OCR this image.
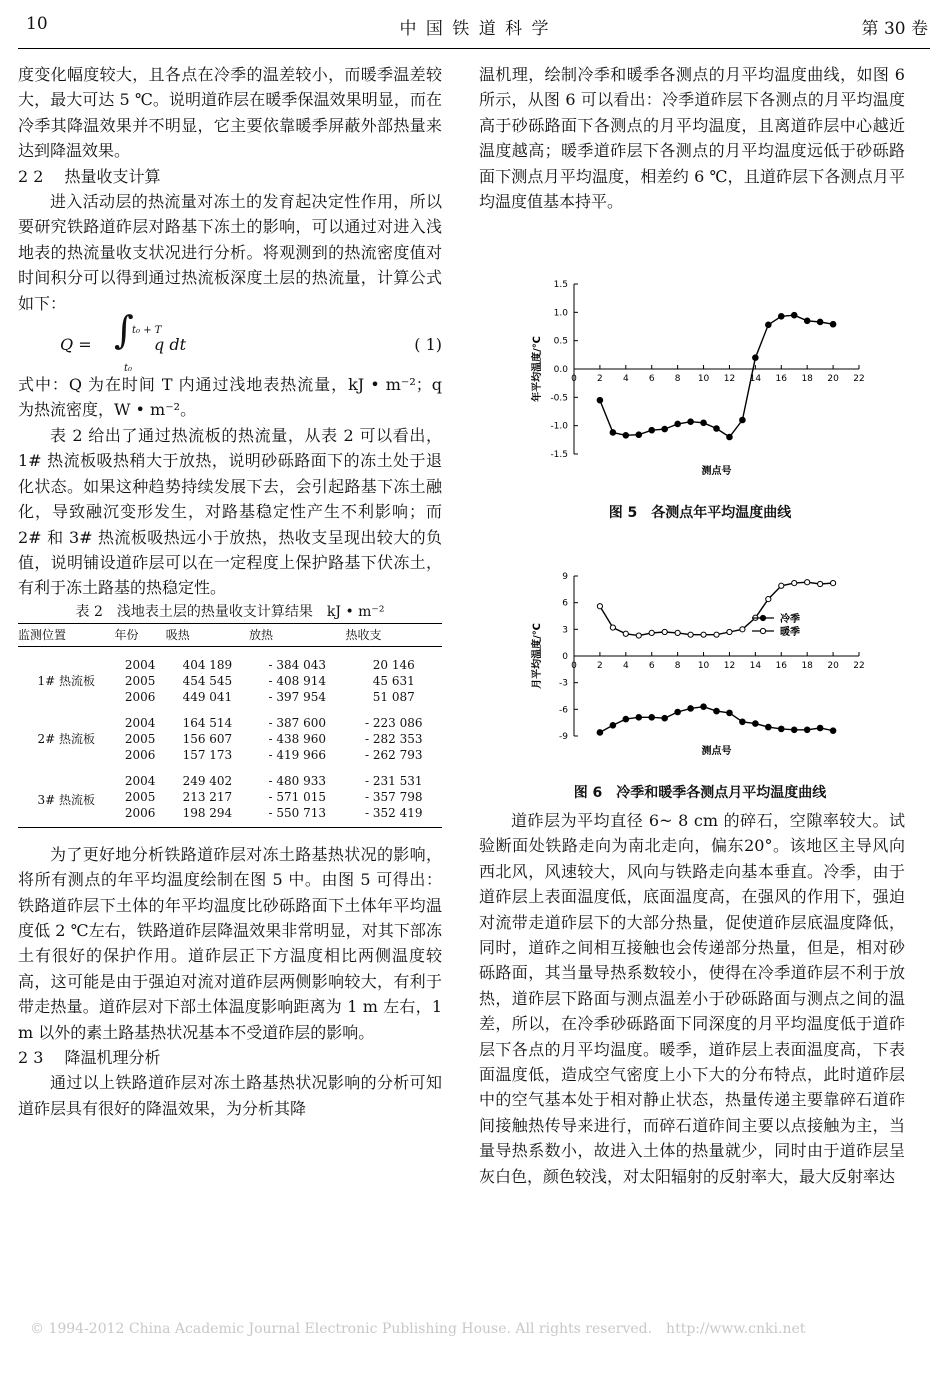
10	中 国 铁 道 科 学	第 30 卷

度变化幅度较大，且各点在冷季的温差较小，而暖季温差较大，最大可达 5 ℃。说明道砟层在暖季保温效果明显，而在冷季其降温效果并不明显，它主要依靠暖季屏蔽外部热量来达到降温效果。

2 2 　热量收支计算

进入活动层的热流量对冻土的发育起决定性作用，所以要研究铁路道砟层对路基下冻土的影响，可以通过对进入浅地表的热流量收支状况进行分析。将观测到的热流密度值对时间积分可以得到通过热流板深度土层的热流量，计算公式如下：

Q = ∫
t₀ + T
t₀
q dt	( 1)

式中：Q 为在时间 T 内通过浅地表热流量，kJ • m⁻²；q 为热流密度，W • m⁻²。

表 2 给出了通过热流板的热流量，从表 2 可以看出，1# 热流板吸热稍大于放热，说明砂砾路面下的冻土处于退化状态。如果这种趋势持续发展下去，会引起路基下冻土融化，导致融沉变形发生，对路基稳定性产生不利影响；而 2# 和 3# 热流板吸热远小于放热，热收支呈现出较大的负值，说明铺设道砟层可以在一定程度上保护路基下伏冻土，有利于冻土路基的热稳定性。

表 2　浅地表土层的热量收支计算结果　kJ • m⁻²

监测位置	年份	吸热	放热	热收支
1# 热流板	2004	404 189	- 384 043	20 146
	2005	454 545	- 408 914	45 631
	2006	449 041	- 397 954	51 087
2# 热流板	2004	164 514	- 387 600	- 223 086
	2005	156 607	- 438 960	- 282 353
	2006	157 173	- 419 966	- 262 793
3# 热流板	2004	249 402	- 480 933	- 231 531
	2005	213 217	- 571 015	- 357 798
	2006	198 294	- 550 713	- 352 419

为了更好地分析铁路道砟层对冻土路基热状况的影响，将所有测点的年平均温度绘制在图 5 中。由图 5 可得出：铁路道砟层下土体的年平均温度比砂砾路面下土体年平均温度低 2 ℃左右，铁路道砟层降温效果非常明显，对其下部冻土有很好的保护作用。道砟层正下方温度相比两侧温度较高，这可能是由于强迫对流对道砟层两侧影响较大，有利于带走热量。道砟层对下部土体温度影响距离为 1 m 左右，1 m 以外的素土路基热状况基本不受道砟层的影响。

2 3 　降温机理分析

通过以上铁路道砟层对冻土路基热状况影响的分析可知道砟层具有很好的降温效果，为分析其降

温机理，绘制冷季和暖季各测点的月平均温度曲线，如图 6 所示，从图 6 可以看出：冷季道砟层下各测点的月平均温度高于砂砾路面下各测点的月平均温度，且离道砟层中心越近温度越高；暖季道砟层下各测点的月平均温度远低于砂砾路面下测点月平均温度，相差约 6 ℃，且道砟层下各测点月平均温度值基本持平。

-1.5
-1.0
-0.5
0.0
0.5
1.0
1.5
0 2 4 6 8 10 12 14 16 18 20 22
年平均温度/℃
测点号
图 5　各测点年平均温度曲线
-9
-6
-3
0
3
6
9
0 2 4 6 8 10 12 14 16 18 20 22
月平均温度/℃
测点号
冷季
暖季
图 6　冷季和暖季各测点月平均温度曲线

道砟层为平均直径 6~ 8 cm 的碎石，空隙率较大。试验断面处铁路走向为南北走向，偏东20°。该地区主导风向西北风，风速较大，风向与铁路走向基本垂直。冷季，由于道砟层上表面温度低，底面温度高，在强风的作用下，强迫对流带走道砟层下的大部分热量，促使道砟层底温度降低，同时，道砟之间相互接触也会传递部分热量，但是，相对砂砾路面，其当量导热系数较小，使得在冷季道砟层不利于放热，道砟层下路面与测点温差小于砂砾路面与测点之间的温差，所以，在冷季砂砾路面下同深度的月平均温度低于道砟层下各点的月平均温度。暖季，道砟层上表面温度高，下表面温度低，造成空气密度上小下大的分布特点，此时道砟层中的空气基本处于相对静止状态，热量传递主要靠碎石道砟间接触热传导来进行，而碎石道砟间主要以点接触为主，当量导热系数小，故进入土体的热量就少，同时由于道砟层呈灰白色，颜色较浅，对太阳辐射的反射率大，最大反射率达

© 1994-2012 China Academic Journal Electronic Publishing House. All rights reserved.　http://www.cnki.net
